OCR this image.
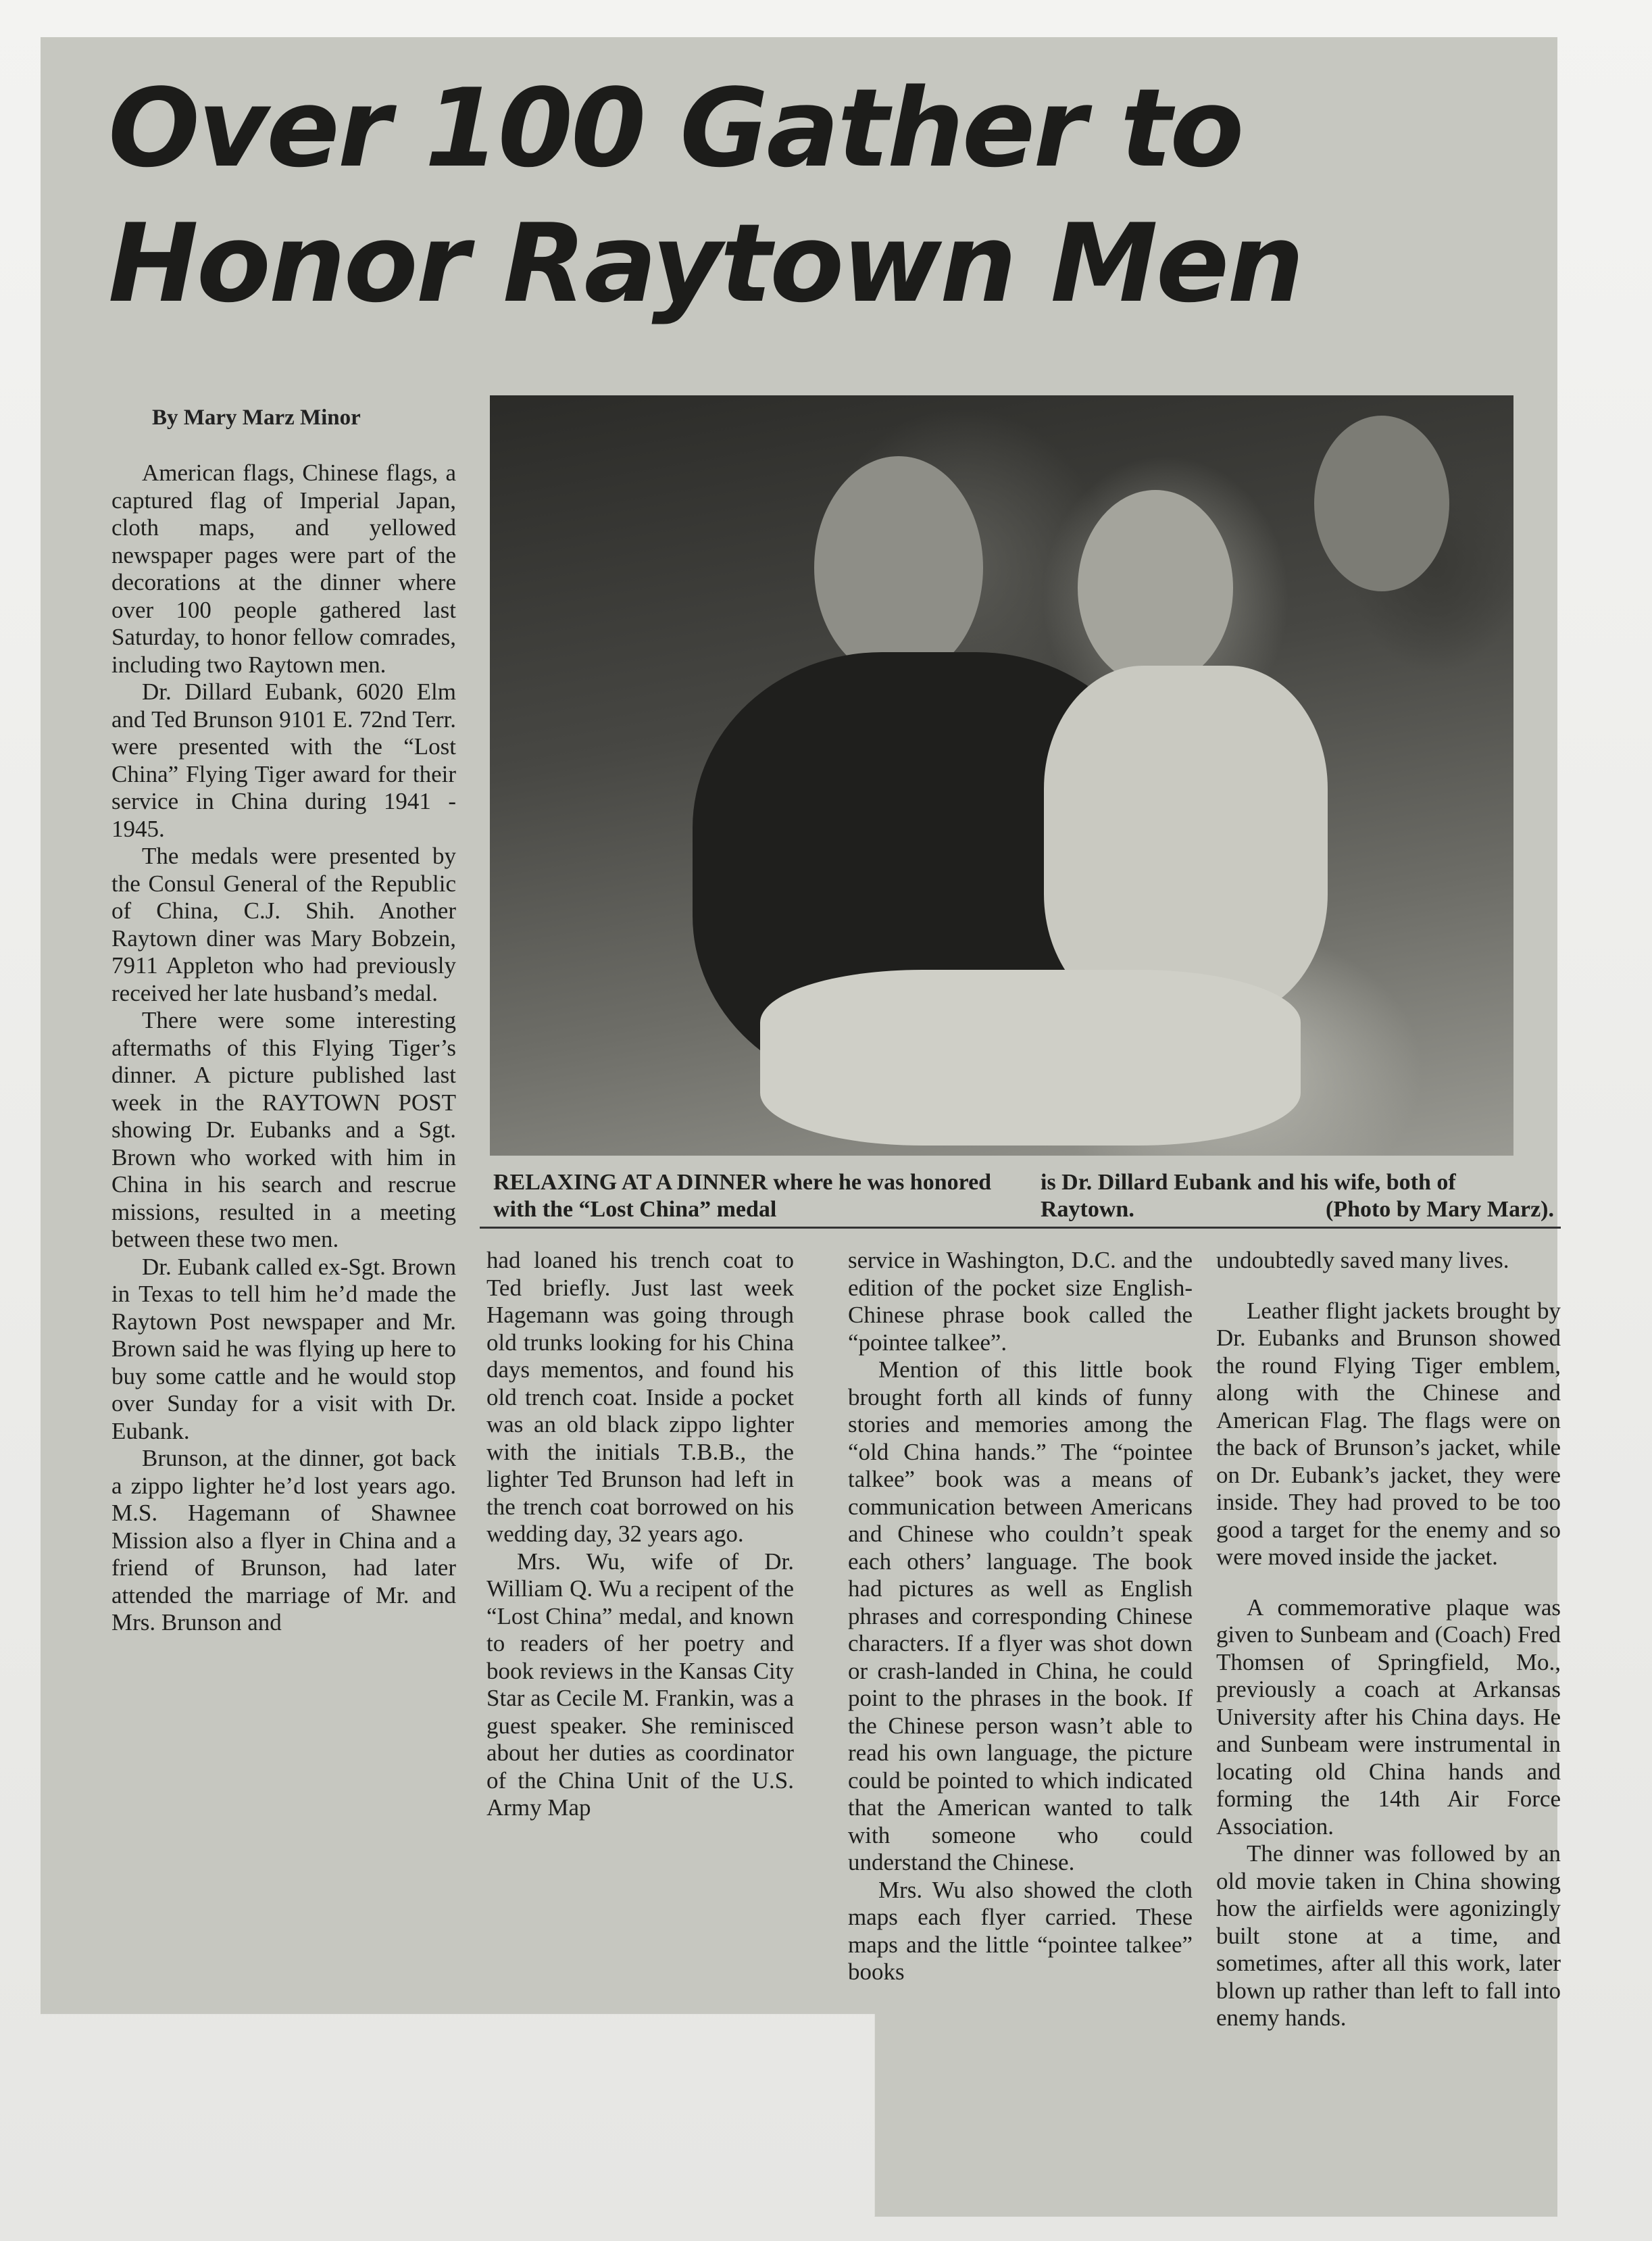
Over 100 Gather to
Honor Raytown Men
By Mary Marz Minor
RELAXING AT A DINNER where he was honored with the “Lost China” medal
is Dr. Dillard Eubank and his wife, both of Raytown.	(Photo by Mary Marz).

American flags, Chinese flags, a captured flag of Imperial Japan, cloth maps, and yellowed newspaper pages were part of the decorations at the dinner where over 100 people gathered last Saturday, to honor fellow comrades, including two Raytown men.

Dr. Dillard Eubank, 6020 Elm and Ted Brunson 9101 E. 72nd Terr. were presented with the “Lost China” Flying Tiger award for their service in China during 1941 - 1945.

The medals were presented by the Consul General of the Republic of China, C.J. Shih. Another Raytown diner was Mary Bobzein, 7911 Appleton who had previously received her late husband’s medal.

There were some interesting aftermaths of this Flying Tiger’s dinner. A picture published last week in the RAYTOWN POST showing Dr. Eubanks and a Sgt. Brown who worked with him in China in his search and rescrue missions, resulted in a meeting between these two men.

Dr. Eubank called ex-Sgt. Brown in Texas to tell him he’d made the Raytown Post newspaper and Mr. Brown said he was flying up here to buy some cattle and he would stop over Sunday for a visit with Dr. Eubank.

Brunson, at the dinner, got back a zippo lighter he’d lost years ago. M.S. Hagemann of Shawnee Mission also a flyer in China and a friend of Brunson, had later attended the marriage of Mr. and Mrs. Brunson and

had loaned his trench coat to Ted briefly. Just last week Hagemann was going through old trunks looking for his China days mementos, and found his old trench coat. Inside a pocket was an old black zippo lighter with the initials T.B.B., the lighter Ted Brunson had left in the trench coat borrowed on his wedding day, 32 years ago.

Mrs. Wu, wife of Dr. William Q. Wu a recipent of the “Lost China” medal, and known to readers of her poetry and book reviews in the Kansas City Star as Cecile M. Frankin, was a guest speaker. She reminisced about her duties as coordinator of the China Unit of the U.S. Army Map

service in Washington, D.C. and the edition of the pocket size English-Chinese phrase book called the “pointee talkee”.

Mention of this little book brought forth all kinds of funny stories and memories among the “old China hands.” The “pointee talkee” book was a means of communication between Americans and Chinese who couldn’t speak each others’ language. The book had pictures as well as English phrases and corresponding Chinese characters. If a flyer was shot down or crash-landed in China, he could point to the phrases in the book. If the Chinese person wasn’t able to read his own language, the picture could be pointed to which indicated that the American wanted to talk with someone who could understand the Chinese.

Mrs. Wu also showed the cloth maps each flyer carried. These maps and the little “pointee talkee” books

undoubtedly saved many lives.

Leather flight jackets brought by Dr. Eubanks and Brunson showed the round Flying Tiger emblem, along with the Chinese and American Flag. The flags were on the back of Brunson’s jacket, while on Dr. Eubank’s jacket, they were inside. They had proved to be too good a target for the enemy and so were moved inside the jacket.

A commemorative plaque was given to Sunbeam and (Coach) Fred Thomsen of Springfield, Mo., previously a coach at Arkansas University after his China days. He and Sunbeam were instrumental in locating old China hands and forming the 14th Air Force Association.

The dinner was followed by an old movie taken in China showing how the airfields were agonizingly built stone at a time, and sometimes, after all this work, later blown up rather than left to fall into enemy hands.
